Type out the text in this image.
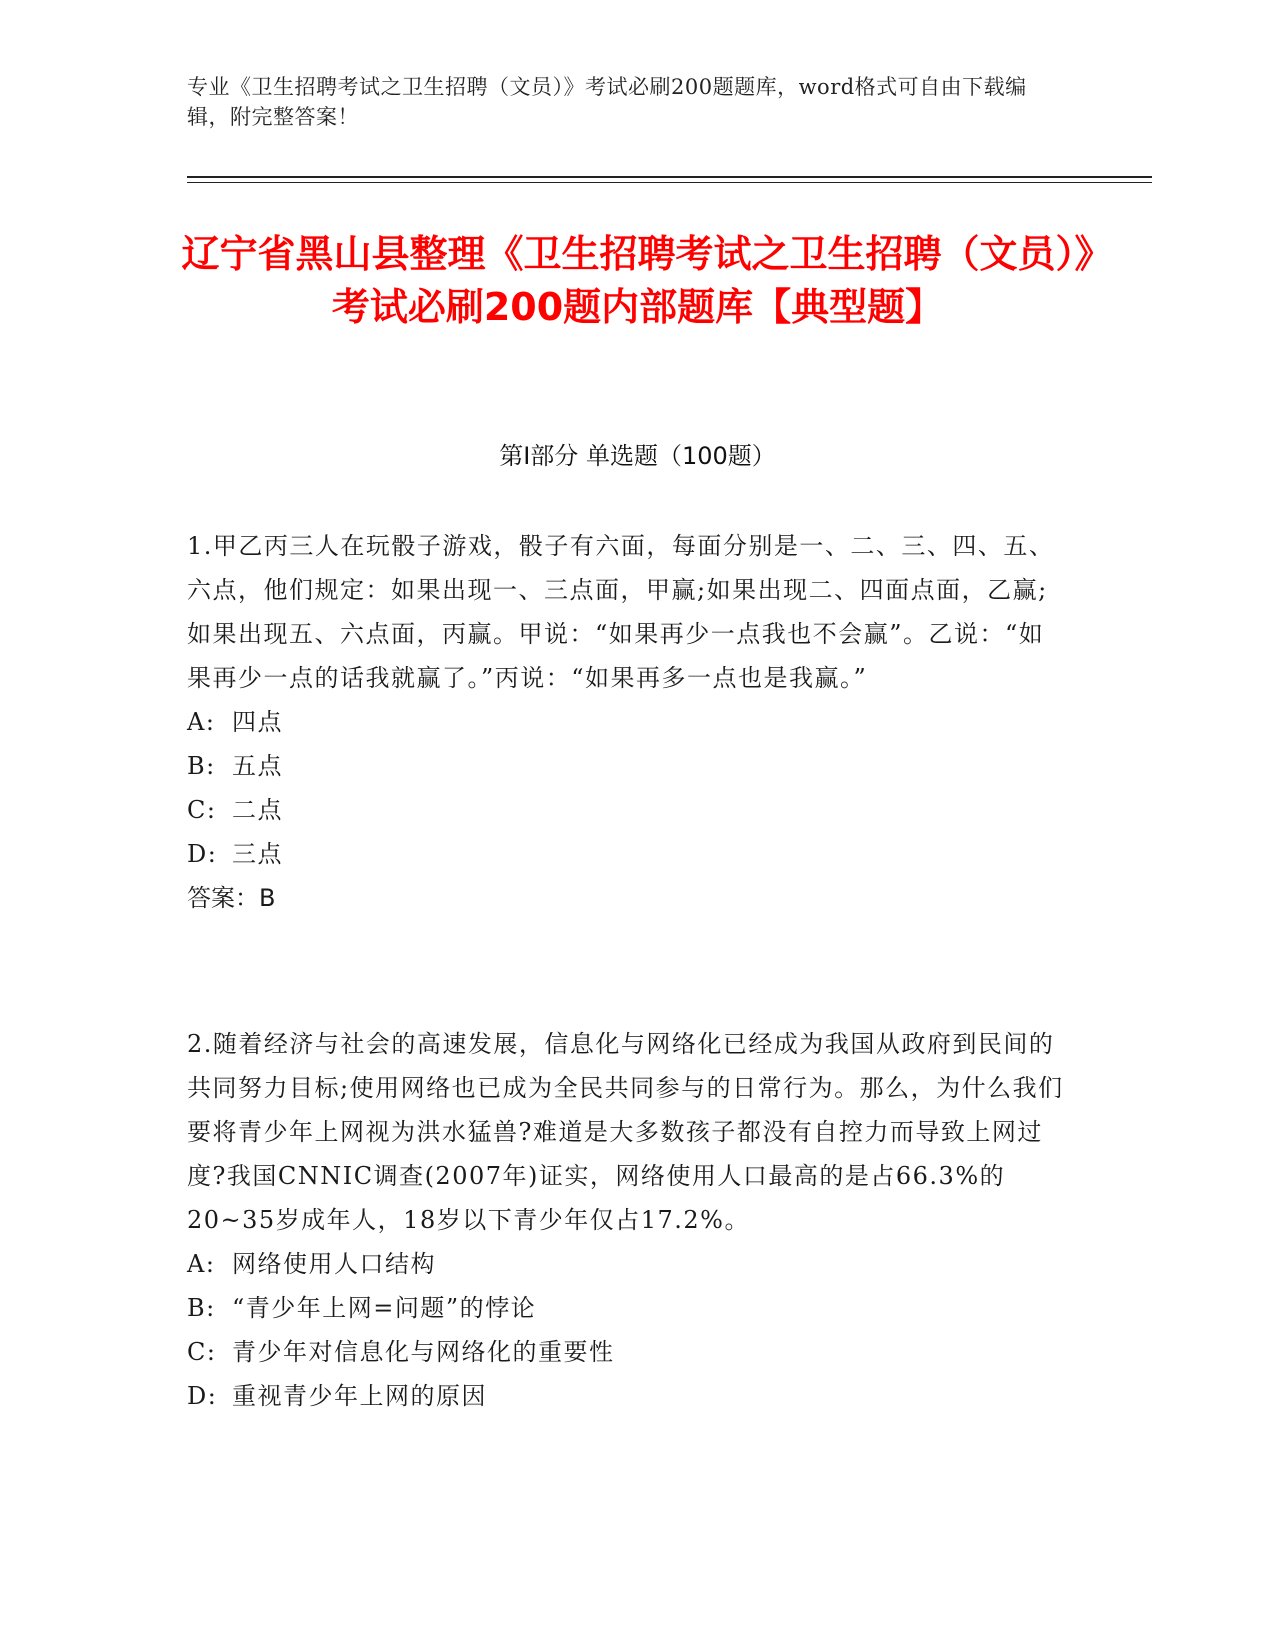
专业《卫生招聘考试之卫生招聘（文员）》考试必刷200题题库，word格式可自由下载编辑，附完整答案！
辽宁省黑山县整理《卫生招聘考试之卫生招聘（文员）》考试必刷200题内部题库【典型题】
第I部分 单选题（100题）

1.甲乙丙三人在玩骰子游戏，骰子有六面，每面分别是一、二、三、四、五、六点，他们规定：如果出现一、三点面，甲赢;如果出现二、四面点面，乙赢;如果出现五、六点面，丙赢。甲说：“如果再少一点我也不会赢”。乙说：“如果再少一点的话我就赢了。”丙说：“如果再多一点也是我赢。”

A: 四点

B: 五点

C: 二点

D: 三点

答案：B

2.随着经济与社会的高速发展，信息化与网络化已经成为我国从政府到民间的共同努力目标;使用网络也已成为全民共同参与的日常行为。那么，为什么我们要将青少年上网视为洪水猛兽?难道是大多数孩子都没有自控力而导致上网过度?我国CNNIC调查(2007年)证实，网络使用人口最高的是占66.3%的20~35岁成年人，18岁以下青少年仅占17.2%。

A: 网络使用人口结构

B: “青少年上网=问题”的悖论

C: 青少年对信息化与网络化的重要性

D: 重视青少年上网的原因
